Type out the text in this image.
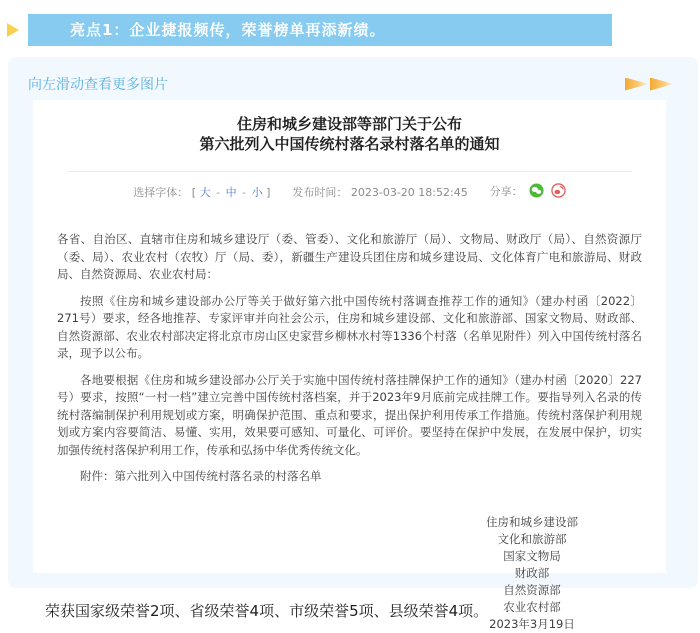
亮点1：企业捷报频传，荣誉榜单再添新绩。
向左滑动查看更多图片
住房和城乡建设部等部门关于公布
第六批列入中国传统村落名录村落名单的通知
选择字体： [ 大 - 中 - 小 ] 发布时间： 2023-03-20 18:52:45 分享：

各省、自治区、直辖市住房和城乡建设厅（委、管委）、文化和旅游厅（局）、文物局、财政厅（局）、自然资源厅（委、局）、农业农村（农牧）厅（局、委），新疆生产建设兵团住房和城乡建设局、文化体育广电和旅游局、财政局、自然资源局、农业农村局：

按照《住房和城乡建设部办公厅等关于做好第六批中国传统村落调查推荐工作的通知》（建办村函〔2022〕271号）要求，经各地推荐、专家评审并向社会公示，住房和城乡建设部、文化和旅游部、国家文物局、财政部、自然资源部、农业农村部决定将北京市房山区史家营乡柳林水村等1336个村落（名单见附件）列入中国传统村落名录，现予以公布。

各地要根据《住房和城乡建设部办公厅关于实施中国传统村落挂牌保护工作的通知》（建办村函〔2020〕227号）要求，按照“一村一档”建立完善中国传统村落档案，并于2023年9月底前完成挂牌工作。要指导列入名录的传统村落编制保护利用规划或方案，明确保护范围、重点和要求，提出保护利用传承工作措施。传统村落保护利用规划或方案内容要简洁、易懂、实用，效果要可感知、可量化、可评价。要坚持在保护中发展，在发展中保护，切实加强传统村落保护利用工作，传承和弘扬中华优秀传统文化。

附件：第六批列入中国传统村落名录的村落名单
住房和城乡建设部
文化和旅游部
国家文物局
财政部
自然资源部
农业农村部
2023年3月19日
荣获国家级荣誉2项、省级荣誉4项、市级荣誉5项、县级荣誉4项。
